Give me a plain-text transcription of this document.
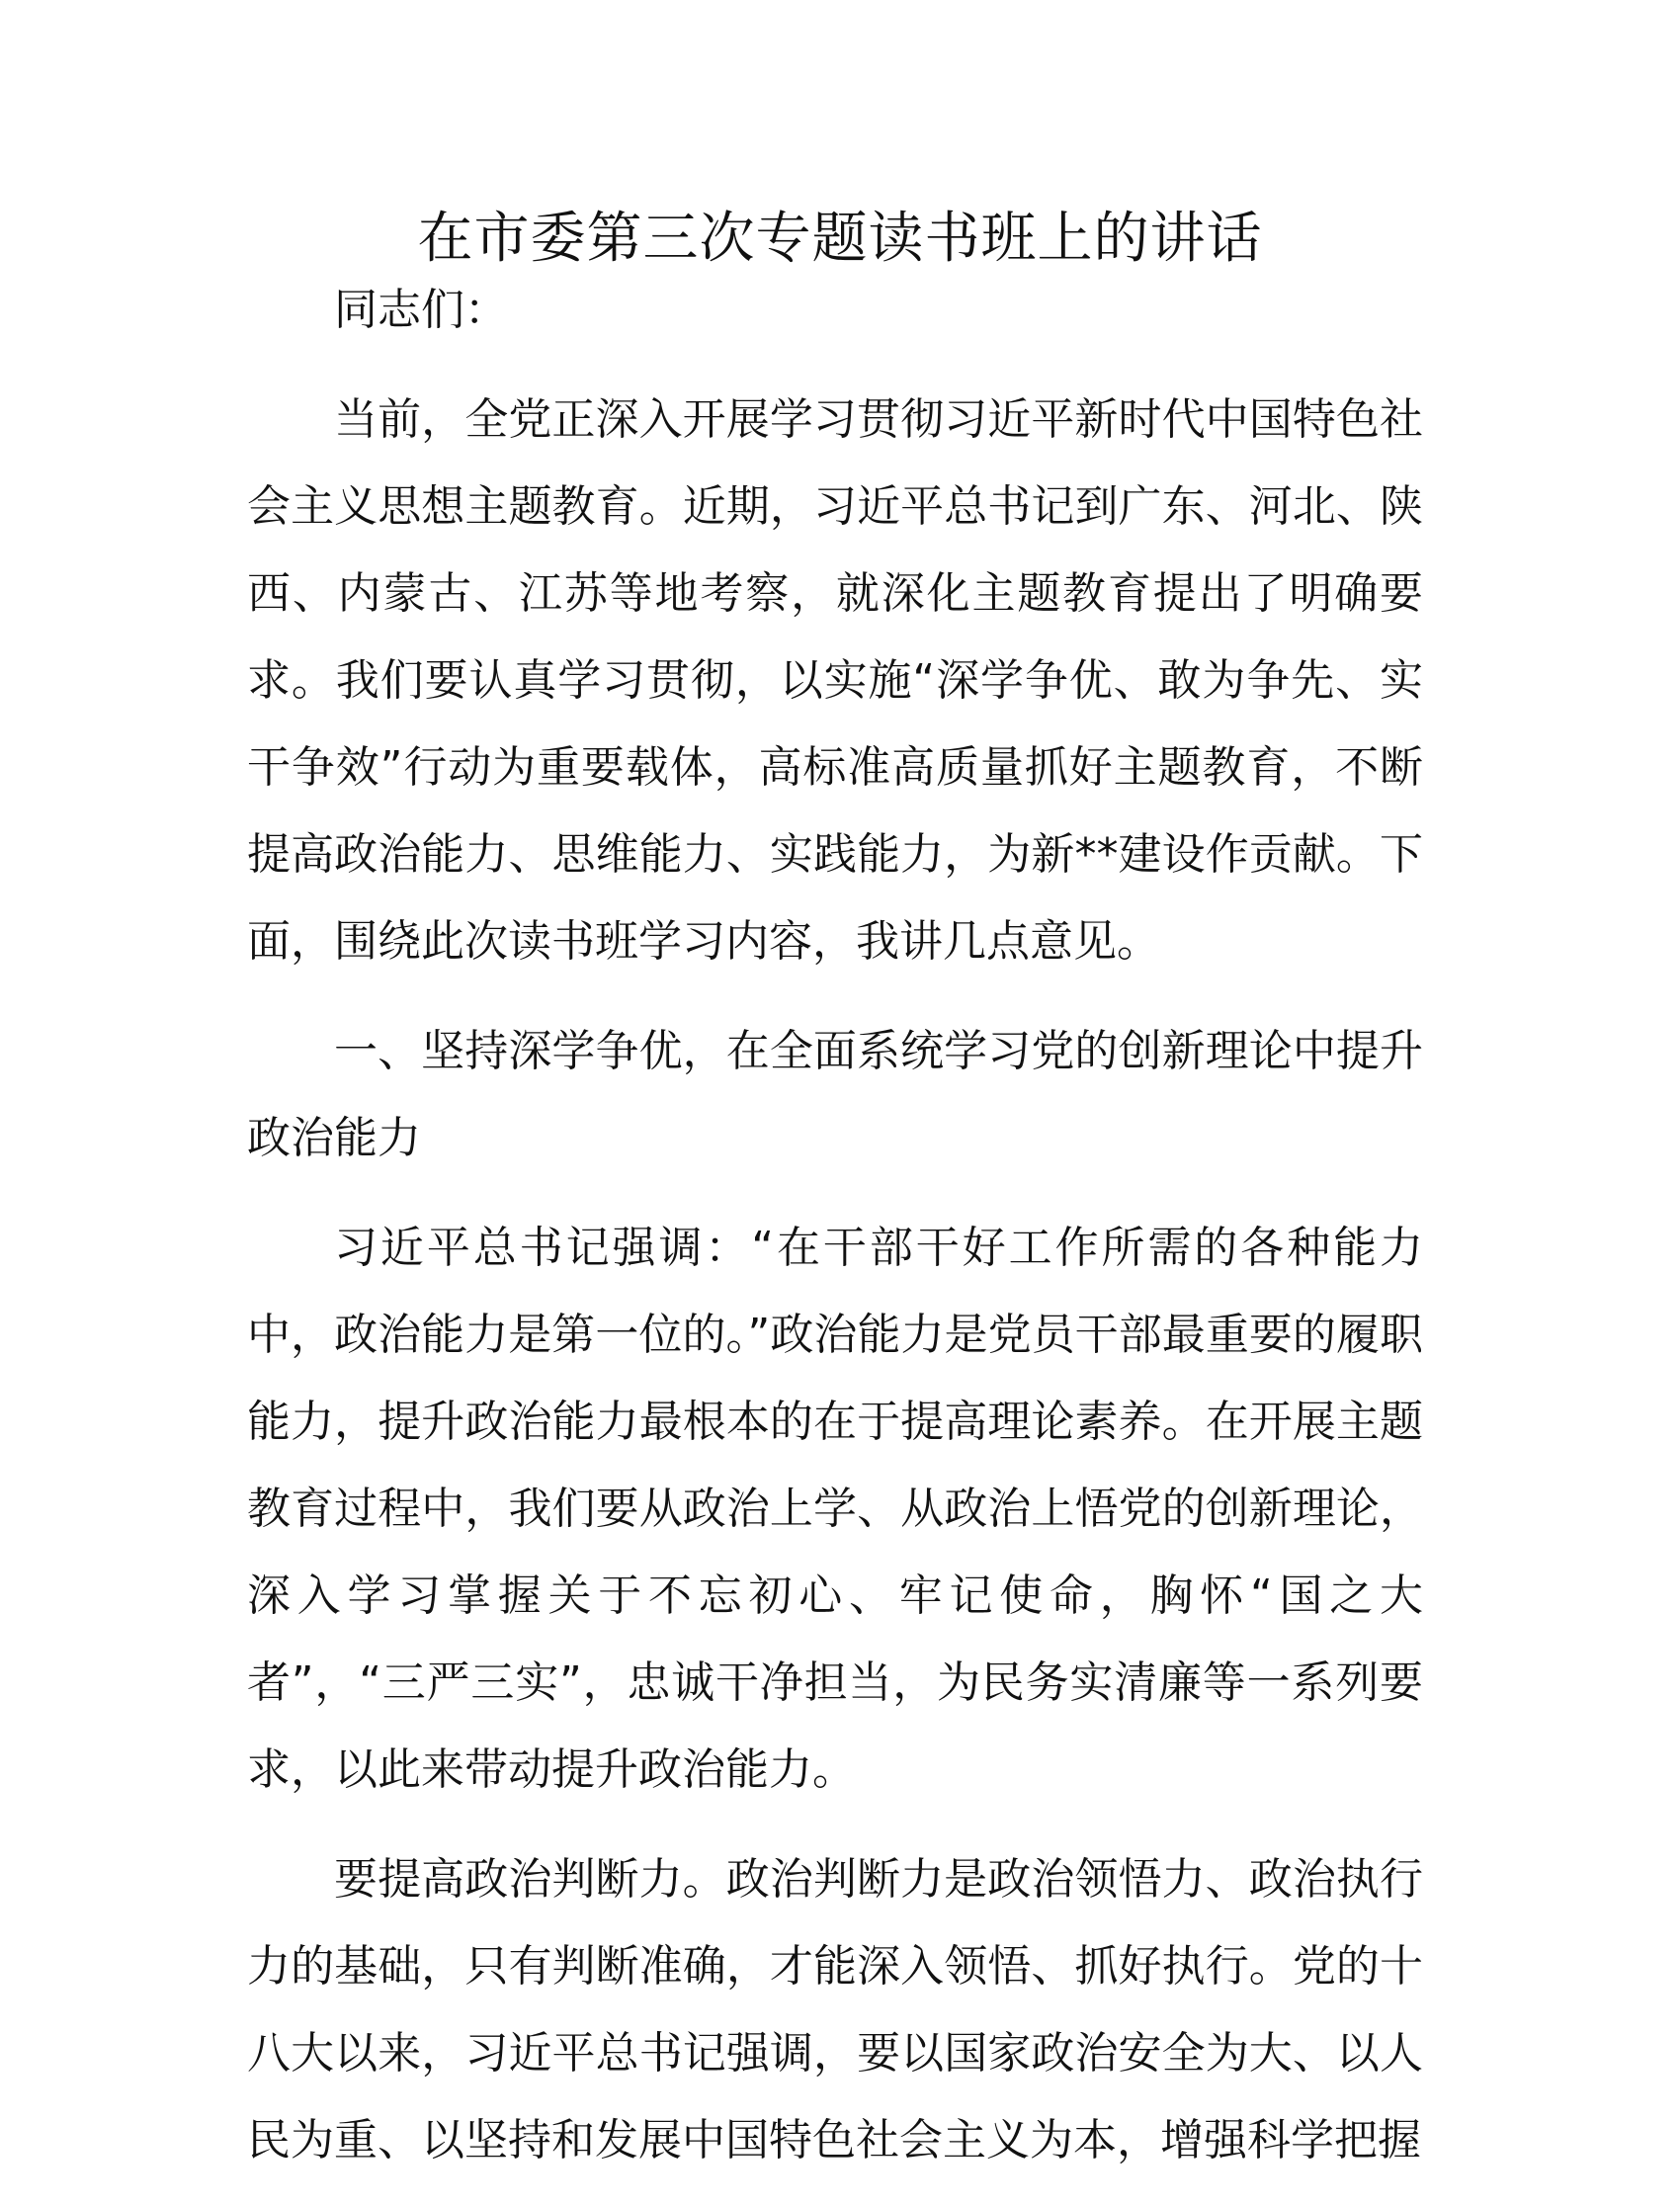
在市委第三次专题读书班上的讲话

同志们：

当前，全党正深入开展学习贯彻习近平新时代中国特色社会主义思想主题教育。近期，习近平总书记到广东、河北、陕西、内蒙古、江苏等地考察，就深化主题教育提出了明确要求。我们要认真学习贯彻，以实施“深学争优、敢为争先、实干争效”行动为重要载体，高标准高质量抓好主题教育，不断提高政治能力、思维能力、实践能力，为新**建设作贡献。下面，围绕此次读书班学习内容，我讲几点意见。

一、坚持深学争优，在全面系统学习党的创新理论中提升政治能力

习近平总书记强调：“在干部干好工作所需的各种能力中，政治能力是第一位的。”政治能力是党员干部最重要的履职能力，提升政治能力最根本的在于提高理论素养。在开展主题教育过程中，我们要从政治上学、从政治上悟党的创新理论，深入学习掌握关于不忘初心、牢记使命，胸怀“国之大者”，“三严三实”，忠诚干净担当，为民务实清廉等一系列要求，以此来带动提升政治能力。

要提高政治判断力。政治判断力是政治领悟力、政治执行力的基础，只有判断准确，才能深入领悟、抓好执行。党的十八大以来，习近平总书记强调，要以国家政治安全为大、以人民为重、以坚持和发展中国特色社会主义为本，增强科学把握
